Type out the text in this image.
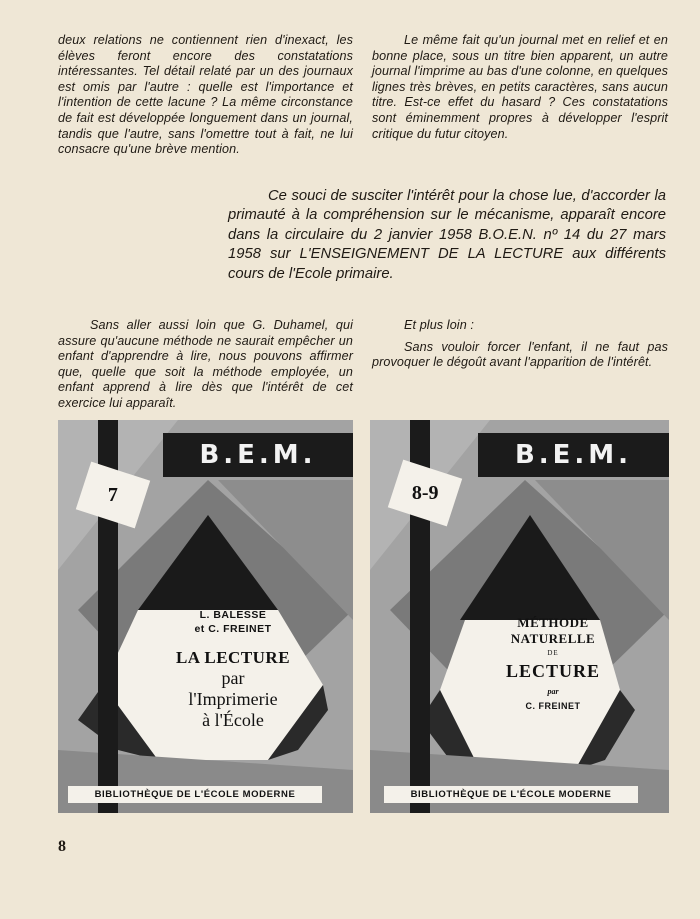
deux relations ne contiennent rien d'inexact, les élèves feront encore des constatations intéressantes. Tel détail relaté par un des journaux est omis par l'autre : quelle est l'importance et l'intention de cette lacune ? La même circonstance de fait est développée longuement dans un journal, tandis que l'autre, sans l'omettre tout à fait, ne lui consacre qu'une brève mention.

Le même fait qu'un journal met en relief et en bonne place, sous un titre bien apparent, un autre journal l'imprime au bas d'une colonne, en quelques lignes très brèves, en petits caractères, sans aucun titre. Est-ce effet du hasard ? Ces constatations sont éminemment propres à développer l'esprit critique du futur citoyen.

Ce souci de susciter l'intérêt pour la chose lue, d'accorder la primauté à la compréhension sur le mécanisme, apparaît encore dans la circulaire du 2 janvier 1958 B.O.E.N. nº 14 du 27 mars 1958 sur L'ENSEIGNEMENT DE LA LECTURE aux différents cours de l'Ecole primaire.

Sans aller aussi loin que G. Duhamel, qui assure qu'aucune méthode ne saurait empêcher un enfant d'apprendre à lire, nous pouvons affirmer que, quelle que soit la méthode employée, un enfant apprend à lire dès que l'intérêt de cet exercice lui apparaît.

Et plus loin :

Sans vouloir forcer l'enfant, il ne faut pas provoquer le dégoût avant l'apparition de l'intérêt.

B.E.M.
7
L. BALESSE
et C. FREINET
LA LECTURE
par
l'Imprimerie
à l'École
BIBLIOTHÈQUE DE L'ÉCOLE MODERNE
B.E.M.
8-9
MÉTHODE
NATURELLE
DE
LECTURE
par
C. FREINET
BIBLIOTHÈQUE DE L'ÉCOLE MODERNE
8
